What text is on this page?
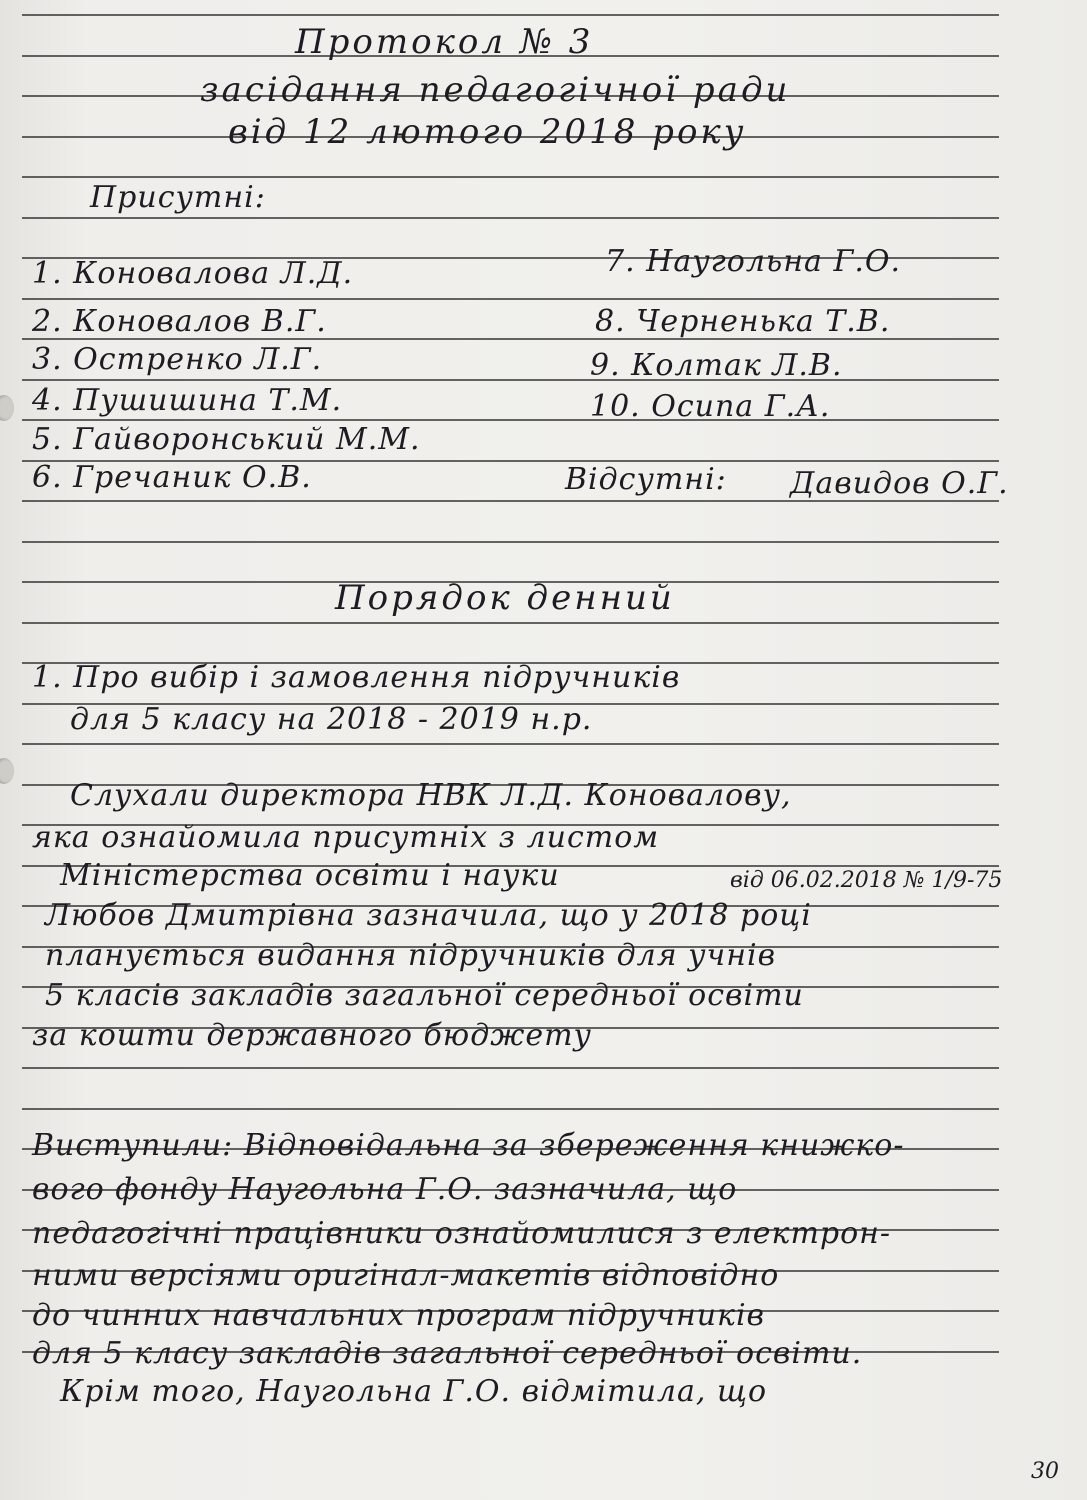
Протокол № 3
засідання педагогічної ради
від 12 лютого 2018 року
Присутні:
1. Коновалова Л.Д.
2. Коновалов В.Г.
3. Остренко Л.Г.
4. Пушишина Т.М.
5. Гайворонський М.М.
6. Гречаник О.В.
7. Наугольна Г.О.
8. Черненька Т.В.
9. Колтак Л.В.
10. Осипа Г.А.
Відсутні: Давидов О.Г.
Порядок денний
1. Про вибір і замовлення підручників
для 5 класу на 2018 - 2019 н.р.
Слухали директора НВК Л.Д. Коновалову,
яка ознайомила присутніх з листом
Міністерства освіти і науки	від 06.02.2018 № 1/9-75
Любов Дмитрівна зазначила, що у 2018 році
планується видання підручників для учнів
5 класів закладів загальної середньої освіти
за кошти державного бюджету
Виступили: Відповідальна за збереження книжко-
вого фонду Наугольна Г.О. зазначила, що
педагогічні працівники ознайомилися з електрон-
ними версіями оригінал-макетів відповідно
до чинних навчальних програм підручників
для 5 класу закладів загальної середньої освіти.
Крім того, Наугольна Г.О. відмітила, що
30
